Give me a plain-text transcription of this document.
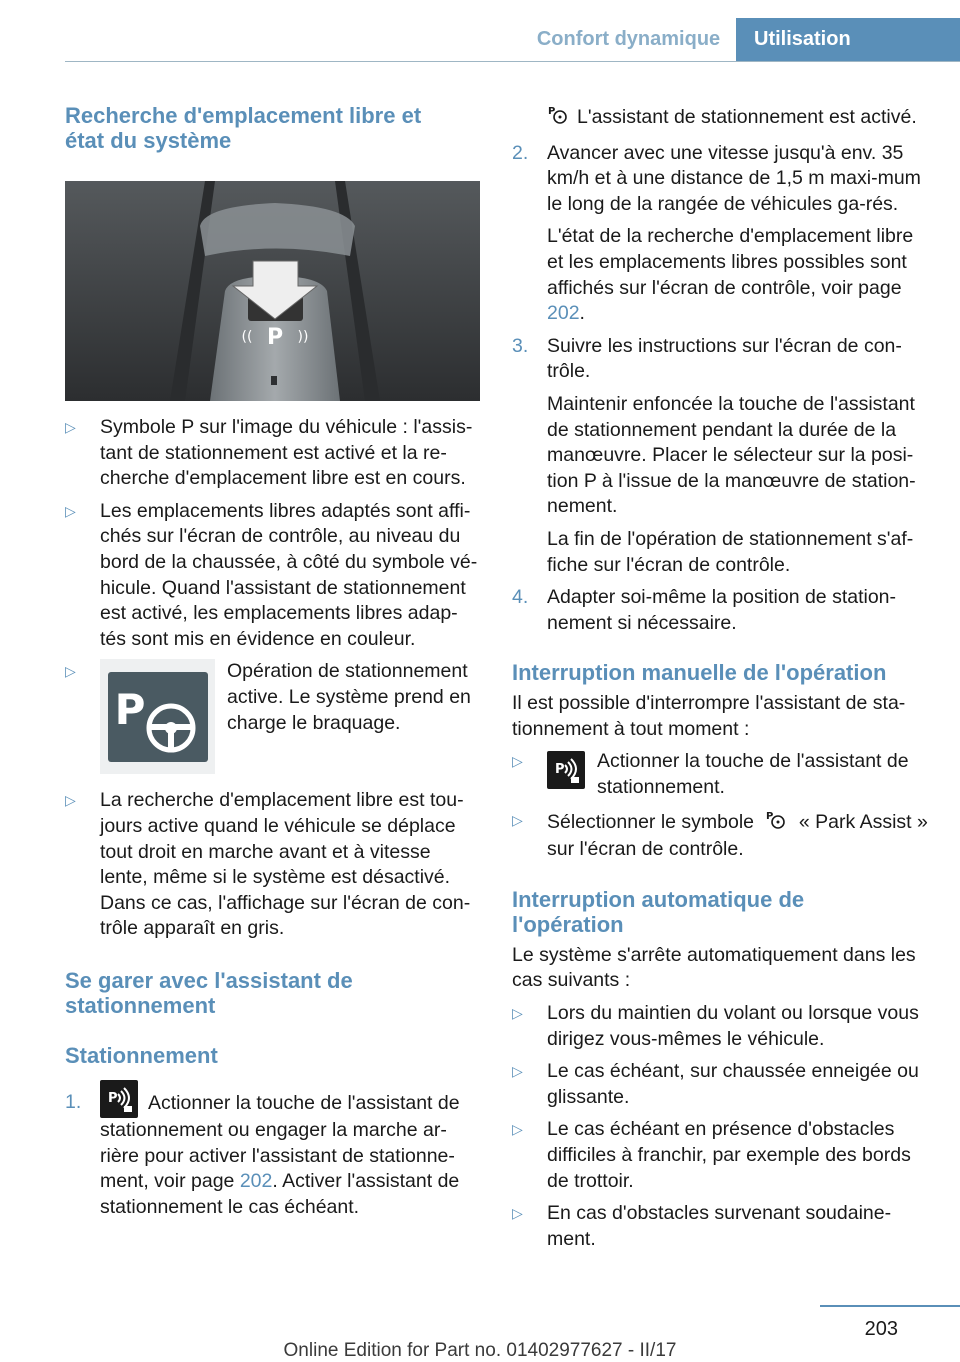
Confort dynamique	Utilisation
Recherche d'emplacement libre et état du système
P
((	))
▷ Symbole P sur l'image du véhicule : l'assis-tant de stationnement est activé et la re-cherche d'emplacement libre est en cours.
▷ Les emplacements libres adaptés sont affi-chés sur l'écran de contrôle, au niveau du bord de la chaussée, à côté du symbole vé-hicule. Quand l'assistant de stationnement est activé, les emplacements libres adap-tés sont mis en évidence en couleur.
▷
P
Opération de stationnement active. Le système prend en charge le braquage.
▷ La recherche d'emplacement libre est tou-jours active quand le véhicule se déplace tout droit en marche avant et à vitesse lente, même si le système est désactivé. Dans ce cas, l'affichage sur l'écran de con-trôle apparaît en gris.
Se garer avec l'assistant de stationnement
Stationnement
1. P Actionner la touche de l'assistant de stationnement ou engager la marche ar-rière pour activer l'assistant de stationne-ment, voir page 202. Activer l'assistant de stationnement le cas échéant.
P L'assistant de stationnement est activé.
2. Avancer avec une vitesse jusqu'à env. 35 km/h et à une distance de 1,5 m maxi-mum le long de la rangée de véhicules ga-rés.
L'état de la recherche d'emplacement libre et les emplacements libres possibles sont affichés sur l'écran de contrôle, voir page 202.
3. Suivre les instructions sur l'écran de con-trôle.
Maintenir enfoncée la touche de l'assistant de stationnement pendant la durée de la manœuvre. Placer le sélecteur sur la posi-tion P à l'issue de la manœuvre de station-nement.
La fin de l'opération de stationnement s'af-fiche sur l'écran de contrôle.
4. Adapter soi-même la position de station-nement si nécessaire.
Interruption manuelle de l'opération
Il est possible d'interrompre l'assistant de sta-tionnement à tout moment :
▷
P Actionner la touche de l'assistant de stationnement.
▷ Sélectionner le symbole P « Park Assist » sur l'écran de contrôle.
Interruption automatique de l'opération
Le système s'arrête automatiquement dans les cas suivants :
▷ Lors du maintien du volant ou lorsque vous dirigez vous-mêmes le véhicule.
▷ Le cas échéant, sur chaussée enneigée ou glissante.
▷ Le cas échéant en présence d'obstacles difficiles à franchir, par exemple des bords de trottoir.
▷ En cas d'obstacles survenant soudaine-ment.
203
Online Edition for Part no. 01402977627 - II/17
